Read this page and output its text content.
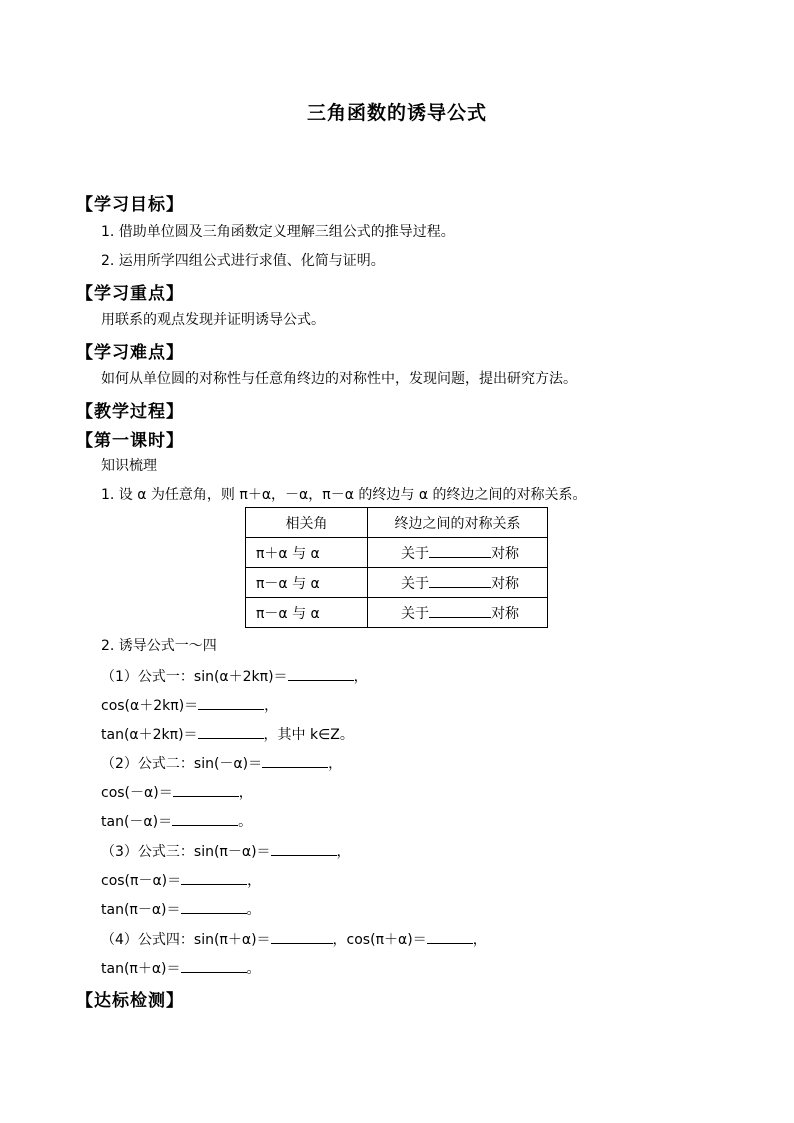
三角函数的诱导公式
【学习目标】
1. 借助单位圆及三角函数定义理解三组公式的推导过程。
2. 运用所学四组公式进行求值、化简与证明。
【学习重点】
用联系的观点发现并证明诱导公式。
【学习难点】
如何从单位圆的对称性与任意角终边的对称性中，发现问题，提出研究方法。
【教学过程】
【第一课时】
知识梳理
1. 设 α 为任意角，则 π＋α，－α，π－α 的终边与 α 的终边之间的对称关系。
相关角	终边之间的对称关系
π＋α 与 α	关于 对称
π－α 与 α	关于 对称
π－α 与 α	关于 对称
2. 诱导公式一～四
（1）公式一：sin(α＋2kπ)＝	，
cos(α＋2kπ)＝	，
tan(α＋2kπ)＝	，其中 k∈Z。
（2）公式二：sin(－α)＝	，
cos(－α)＝	，
tan(－α)＝	。
（3）公式三：sin(π－α)＝	，
cos(π－α)＝	，
tan(π－α)＝	。
（4）公式四：sin(π＋α)＝	，cos(π＋α)＝	，
tan(π＋α)＝	。
【达标检测】
